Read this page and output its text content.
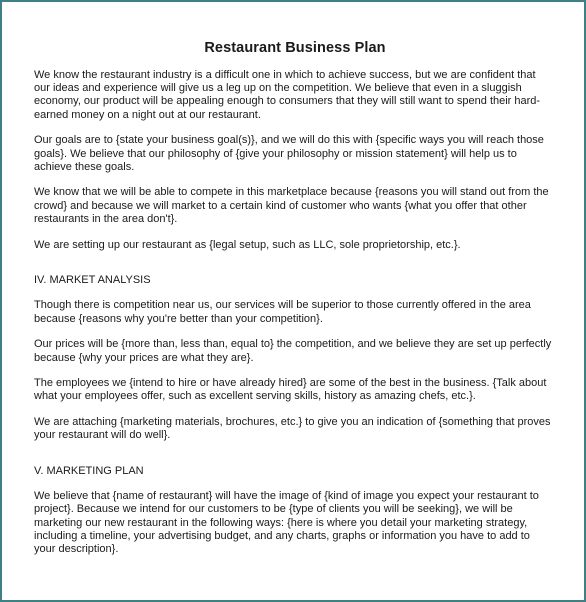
Restaurant Business Plan

We know the restaurant industry is a difficult one in which to achieve success, but we are confident that our ideas and experience will give us a leg up on the competition. We believe that even in a sluggish economy, our product will be appealing enough to consumers that they will still want to spend their hard-earned money on a night out at our restaurant.

Our goals are to {state your business goal(s)}, and we will do this with {specific ways you will reach those goals}. We believe that our philosophy of {give your philosophy or mission statement} will help us to achieve these goals.

We know that we will be able to compete in this marketplace because {reasons you will stand out from the crowd} and because we will market to a certain kind of customer who wants {what you offer that other restaurants in the area don't}.

We are setting up our restaurant as {legal setup, such as LLC, sole proprietorship, etc.}.

IV. MARKET ANALYSIS

Though there is competition near us, our services will be superior to those currently offered in the area because {reasons why you're better than your competition}.

Our prices will be {more than, less than, equal to} the competition, and we believe they are set up perfectly because {why your prices are what they are}.

The employees we {intend to hire or have already hired} are some of the best in the business. {Talk about what your employees offer, such as excellent serving skills, history as amazing chefs, etc.}.

We are attaching {marketing materials, brochures, etc.} to give you an indication of {something that proves your restaurant will do well}.

V. MARKETING PLAN

We believe that {name of restaurant} will have the image of {kind of image you expect your restaurant to project}. Because we intend for our customers to be {type of clients you will be seeking}, we will be marketing our new restaurant in the following ways: {here is where you detail your marketing strategy, including a timeline, your advertising budget, and any charts, graphs or information you have to add to your description}.
